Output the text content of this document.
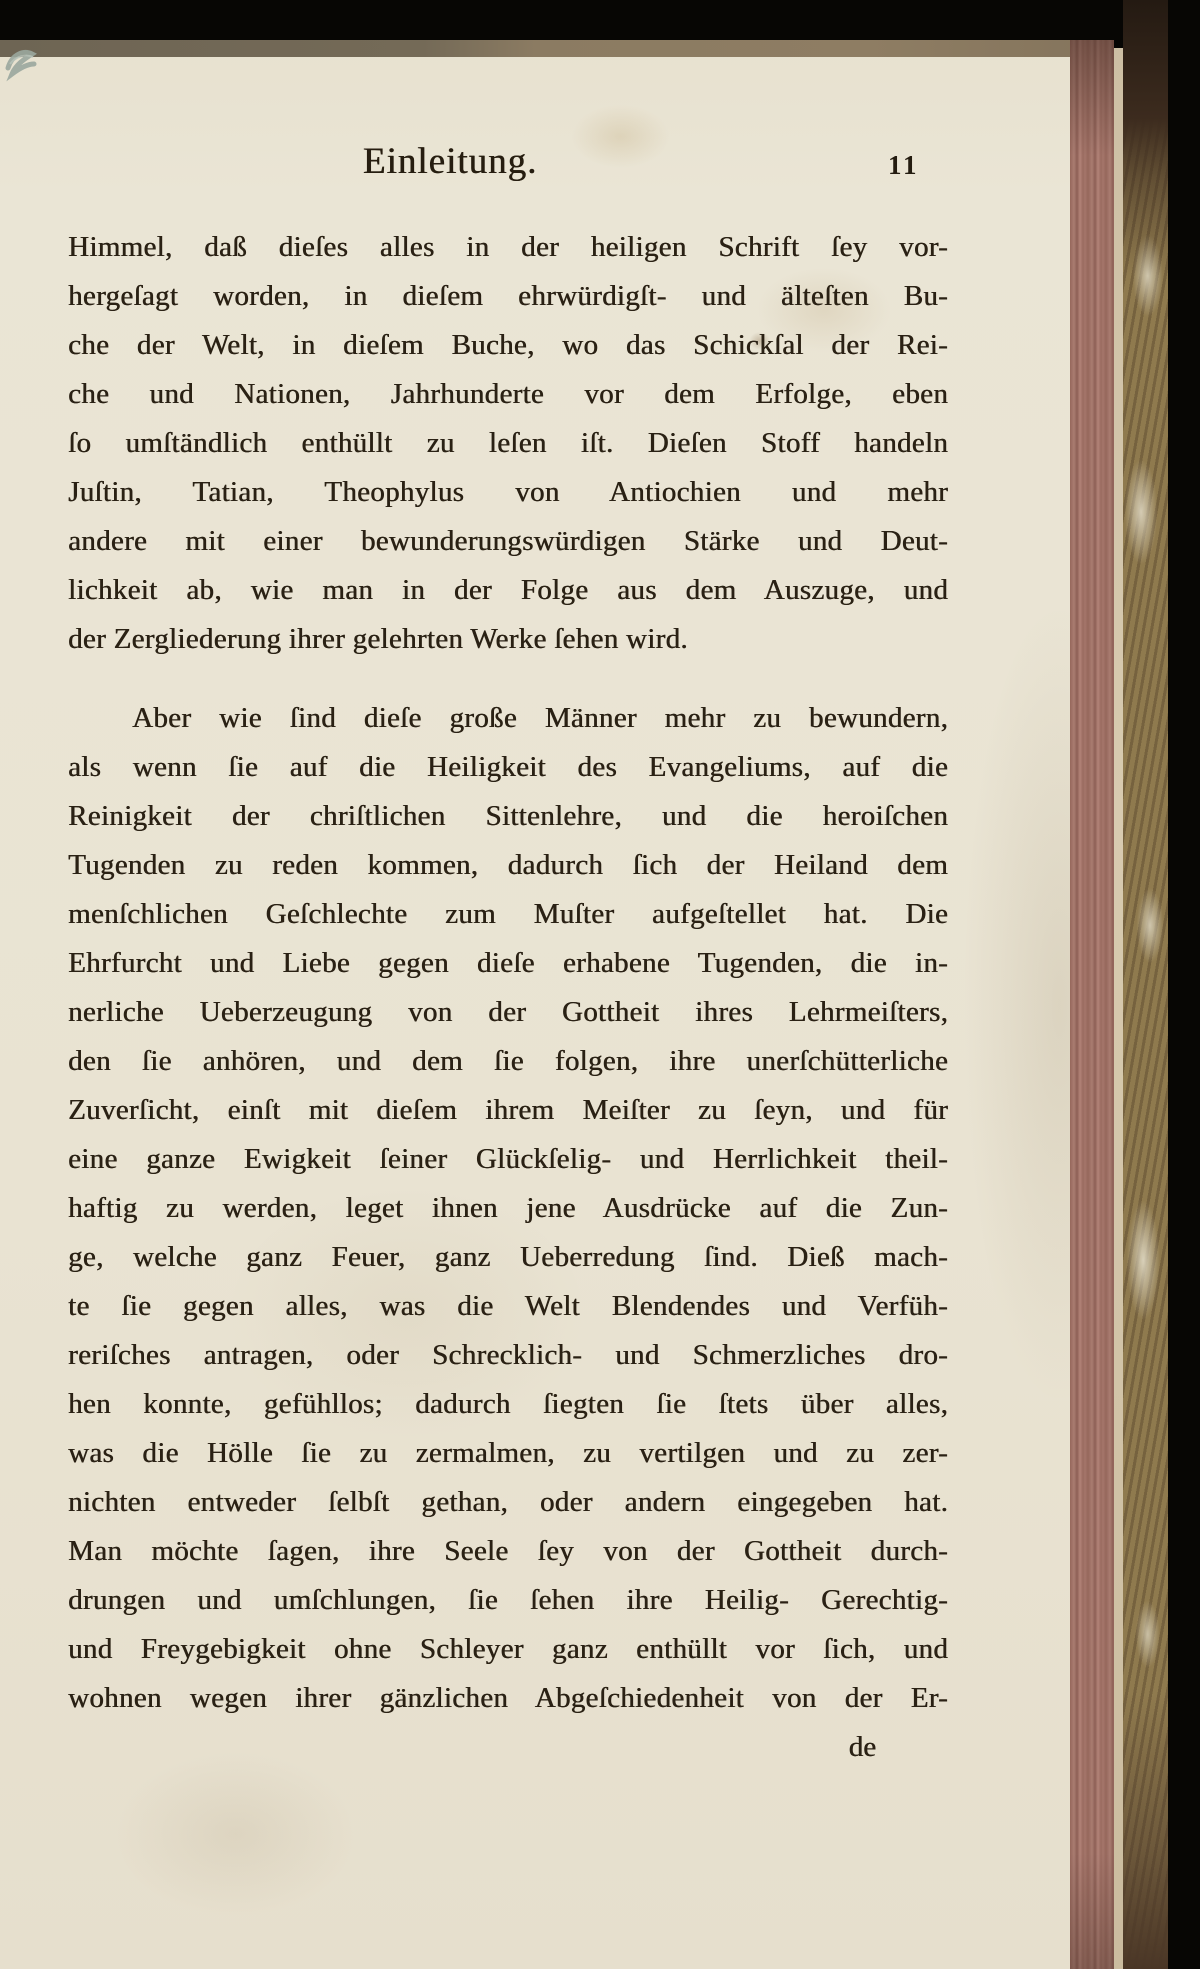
Einleitung.	11
Himmel, daß dieſes alles in der heiligen Schrift ſey vor-
hergeſagt worden, in dieſem ehrwürdigſt- und älteſten Bu-
che der Welt, in dieſem Buche, wo das Schickſal der Rei-
che und Nationen, Jahrhunderte vor dem Erfolge, eben
ſo umſtändlich enthüllt zu leſen iſt. Dieſen Stoff handeln
Juſtin, Tatian, Theophylus von Antiochien und mehr
andere mit einer bewunderungswürdigen Stärke und Deut-
lichkeit ab, wie man in der Folge aus dem Auszuge, und
der Zergliederung ihrer gelehrten Werke ſehen wird.
Aber wie ſind dieſe große Männer mehr zu bewundern,
als wenn ſie auf die Heiligkeit des Evangeliums, auf die
Reinigkeit der chriſtlichen Sittenlehre, und die heroiſchen
Tugenden zu reden kommen, dadurch ſich der Heiland dem
menſchlichen Geſchlechte zum Muſter aufgeſtellet hat. Die
Ehrfurcht und Liebe gegen dieſe erhabene Tugenden, die in-
nerliche Ueberzeugung von der Gottheit ihres Lehrmeiſters,
den ſie anhören, und dem ſie folgen, ihre unerſchütterliche
Zuverſicht, einſt mit dieſem ihrem Meiſter zu ſeyn, und für
eine ganze Ewigkeit ſeiner Glückſelig- und Herrlichkeit theil-
haftig zu werden, leget ihnen jene Ausdrücke auf die Zun-
ge, welche ganz Feuer, ganz Ueberredung ſind. Dieß mach-
te ſie gegen alles, was die Welt Blendendes und Verfüh-
reriſches antragen, oder Schrecklich- und Schmerzliches dro-
hen konnte, gefühllos; dadurch ſiegten ſie ſtets über alles,
was die Hölle ſie zu zermalmen, zu vertilgen und zu zer-
nichten entweder ſelbſt gethan, oder andern eingegeben hat.
Man möchte ſagen, ihre Seele ſey von der Gottheit durch-
drungen und umſchlungen, ſie ſehen ihre Heilig- Gerechtig-
und Freygebigkeit ohne Schleyer ganz enthüllt vor ſich, und
wohnen wegen ihrer gänzlichen Abgeſchiedenheit von der Er-
de
